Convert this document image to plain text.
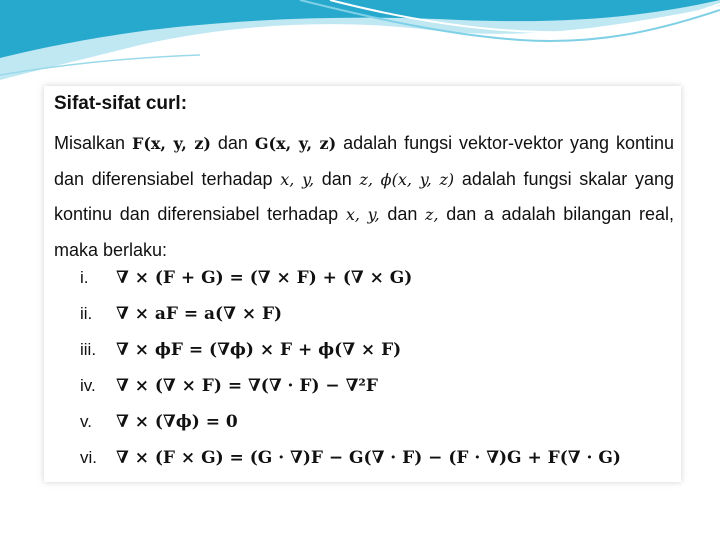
Sifat-sifat curl:
Misalkan F(x, y, z) dan G(x, y, z) adalah fungsi vektor-vektor yang kontinu dan diferensiabel terhadap x, y, dan z, ϕ(x, y, z) adalah fungsi skalar yang kontinu dan diferensiabel terhadap x, y, dan z, dan a adalah bilangan real, maka berlaku:
i.	∇ × (F + G) = (∇ × F) + (∇ × G)
ii.	∇ × aF = a(∇ × F)
iii.	∇ × ϕF = (∇ϕ) × F + ϕ(∇ × F)
iv.	∇ × (∇ × F) = ∇(∇ · F) − ∇²F
v.	∇ × (∇ϕ) = 0
vi.	∇ × (F × G) = (G · ∇)F − G(∇ · F) − (F · ∇)G + F(∇ · G)
